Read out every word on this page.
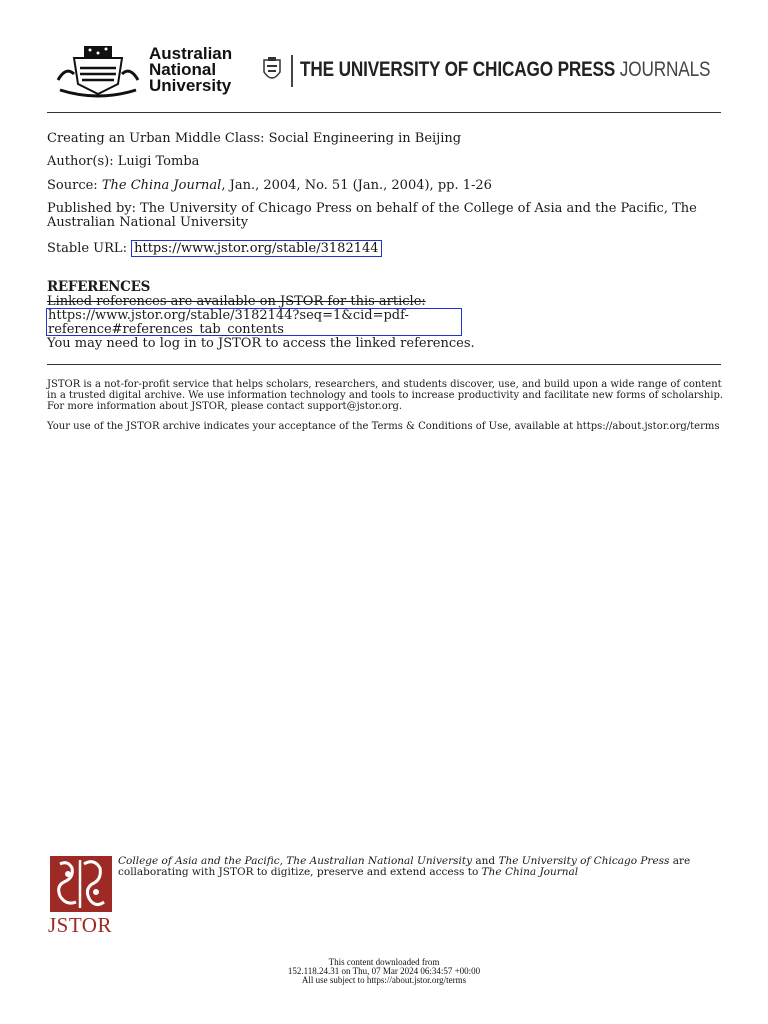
Australian
National
University
THE UNIVERSITY OF CHICAGO PRESS JOURNALS
Creating an Urban Middle Class: Social Engineering in Beijing
Author(s): Luigi Tomba
Source: The China Journal, Jan., 2004, No. 51 (Jan., 2004), pp. 1-26
Published by: The University of Chicago Press on behalf of the College of Asia and the Pacific, The Australian National University
Stable URL: https://www.jstor.org/stable/3182144
REFERENCES
Linked references are available on JSTOR for this article:
https://www.jstor.org/stable/3182144?seq=1&cid=pdf-
reference#references_tab_contents
You may need to log in to JSTOR to access the linked references.
JSTOR is a not-for-profit service that helps scholars, researchers, and students discover, use, and build upon a wide range of content in a trusted digital archive. We use information technology and tools to increase productivity and facilitate new forms of scholarship. For more information about JSTOR, please contact support@jstor.org.
Your use of the JSTOR archive indicates your acceptance of the Terms & Conditions of Use, available at https://about.jstor.org/terms
JSTOR
College of Asia and the Pacific, The Australian National University and The University of Chicago Press are collaborating with JSTOR to digitize, preserve and extend access to The China Journal
This content downloaded from
152.118.24.31 on Thu, 07 Mar 2024 06:34:57 +00:00
All use subject to https://about.jstor.org/terms
